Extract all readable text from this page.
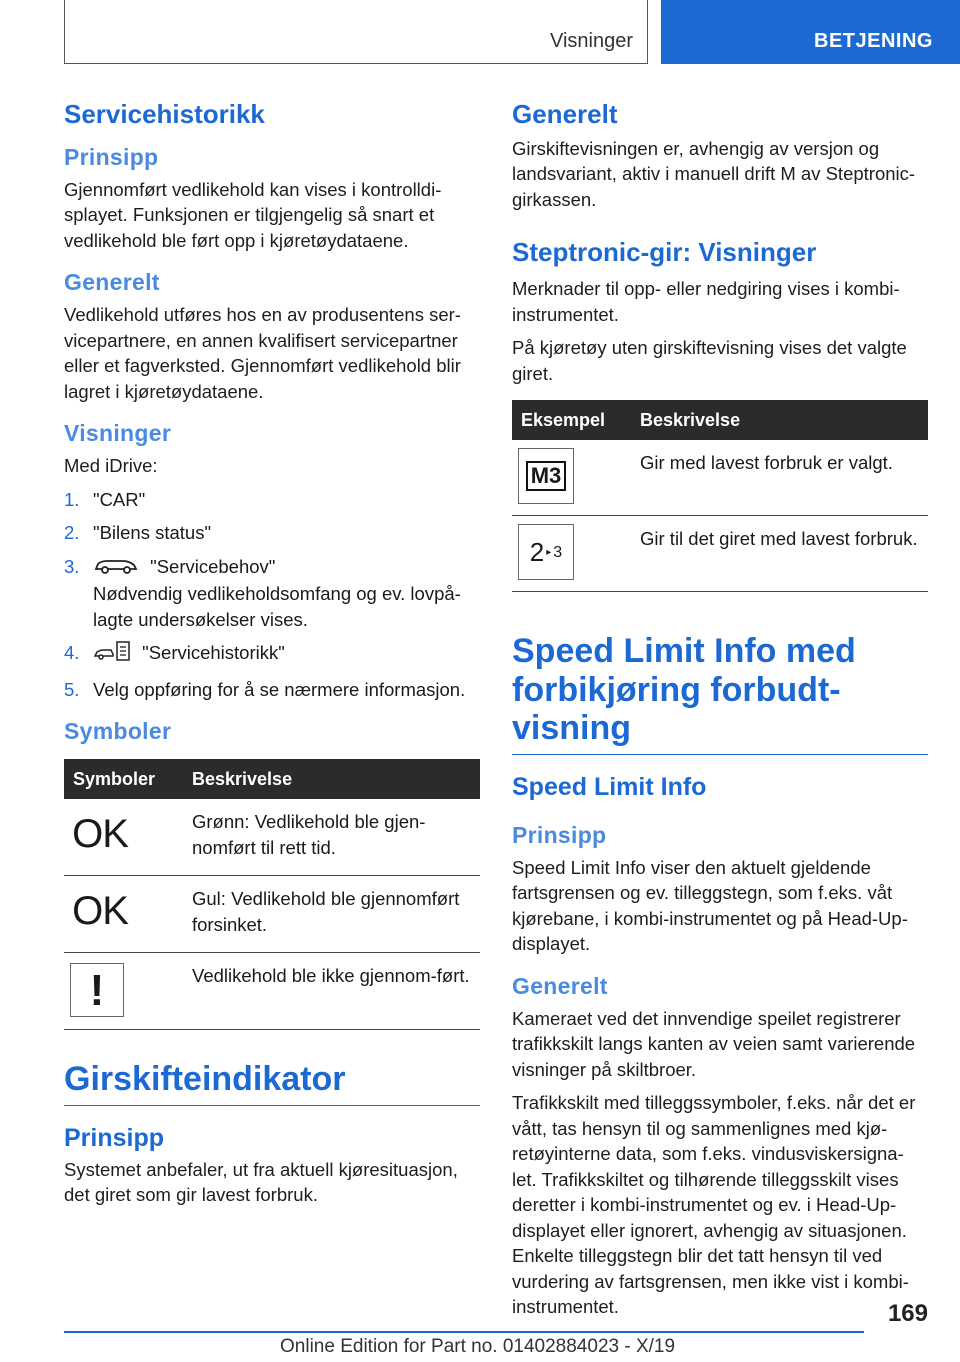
Visninger	BETJENING
Servicehistorikk
Prinsipp

Gjennomført vedlikehold kan vises i kontrolldi-splayet. Funksjonen er tilgjengelig så snart et vedlikehold ble ført opp i kjøretøydataene.

Generelt

Vedlikehold utføres hos en av produsentens ser-vicepartnere, en annen kvalifisert servicepartner eller et fagverksted. Gjennomført vedlikehold blir lagret i kjøretøydataene.

Visninger

Med iDrive:

1. "CAR"
2. "Bilens status"
3.	"Servicebehov"
Nødvendig vedlikeholdsomfang og ev. lovpå-lagte undersøkelser vises.
4.	"Servicehistorikk"
5. Velg oppføring for å se nærmere informasjon.
Symboler
Symboler	Beskrivelse
OK	Grønn: Vedlikehold ble gjen-nomført til rett tid.
OK	Gul: Vedlikehold ble gjennomført forsinket.
!	Vedlikehold ble ikke gjennom-ført.
Girskifteindikator
Prinsipp

Systemet anbefaler, ut fra aktuell kjøresituasjon, det giret som gir lavest forbruk.

Generelt

Girskiftevisningen er, avhengig av versjon og landsvariant, aktiv i manuell drift M av Steptronic-girkassen.

Steptronic-gir: Visninger

Merknader til opp- eller nedgiring vises i kombi-instrumentet.

På kjøretøy uten girskiftevisning vises det valgte giret.

Eksempel	Beskrivelse

M3	Gir med lavest forbruk er valgt.

2 ▸ 3	Gir til det giret med lavest forbruk.
Speed Limit Info med forbikjøring forbudt-visning
Speed Limit Info
Prinsipp

Speed Limit Info viser den aktuelt gjeldende fartsgrensen og ev. tilleggstegn, som f.eks. våt kjørebane, i kombi-instrumentet og på Head-Up-displayet.

Generelt

Kameraet ved det innvendige speilet registrerer trafikkskilt langs kanten av veien samt varierende visninger på skiltbroer.

Trafikkskilt med tilleggssymboler, f.eks. når det er vått, tas hensyn til og sammenlignes med kjø-retøyinterne data, som f.eks. vindusviskersigna-let. Trafikkskiltet og tilhørende tilleggsskilt vises deretter i kombi-instrumentet og ev. i Head-Up-displayet eller ignorert, avhengig av situasjonen. Enkelte tilleggstegn blir det tatt hensyn til ved vurdering av fartsgrensen, men ikke vist i kombi-instrumentet.	169
Online Edition for Part no. 01402884023 - X/19
